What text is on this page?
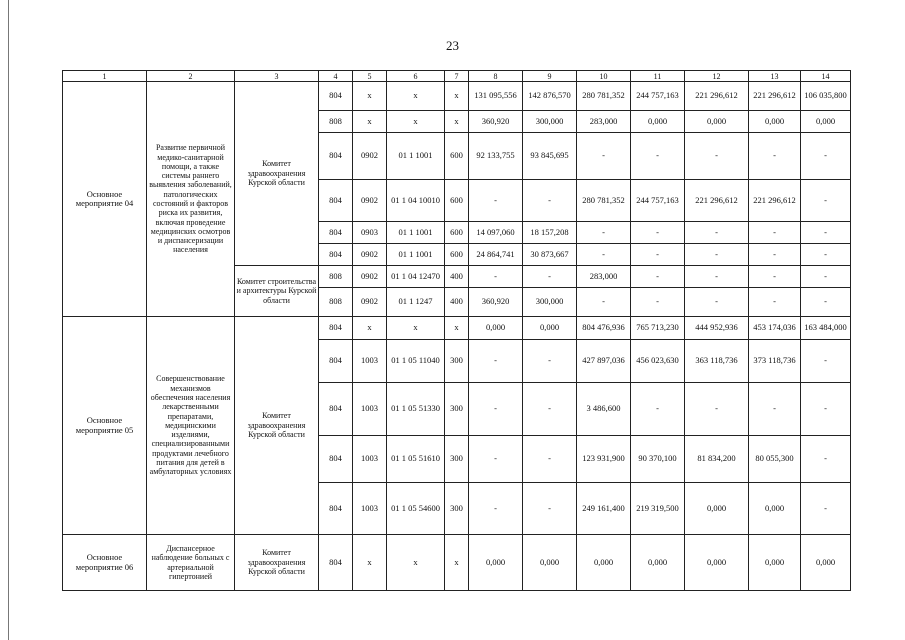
23
1	2	3	4	5	6	7	8	9	10	11	12	13	14
Основное мероприятие 04	Развитие первичной медико-санитарной помощи, а также системы раннего выявления заболеваний, патологических состояний и факторов риска их развития, включая проведение медицинских осмотров и диспансеризации населения	Комитет здравоохранения Курской области	804	x	x	x	131 095,556	142 876,570	280 781,352	244 757,163	221 296,612	221 296,612	106 035,800
			808	x	x	x	360,920	300,000	283,000	0,000	0,000	0,000	0,000
			804	0902	01 1 1001	600	92 133,755	93 845,695	-	-	-	-	-
			804	0902	01 1 04 10010	600	-	-	280 781,352	244 757,163	221 296,612	221 296,612	-
			804	0903	01 1 1001	600	14 097,060	18 157,208	-	-	-	-	-
			804	0902	01 1 1001	600	24 864,741	30 873,667	-	-	-	-	-
		Комитет строительства и архитектуры Курской области	808	0902	01 1 04 12470	400	-	-	283,000	-	-	-	-
			808	0902	01 1 1247	400	360,920	300,000	-	-	-	-	-
Основное мероприятие 05	Совершенствование механизмов обеспечения населения лекарственными препаратами, медицинскими изделиями, специализированными продуктами лечебного питания для детей в амбулаторных условиях	Комитет здравоохранения Курской области	804	x	x	x	0,000	0,000	804 476,936	765 713,230	444 952,936	453 174,036	163 484,000
			804	1003	01 1 05 11040	300	-	-	427 897,036	456 023,630	363 118,736	373 118,736	-
			804	1003	01 1 05 51330	300	-	-	3 486,600	-	-	-	-
			804	1003	01 1 05 51610	300	-	-	123 931,900	90 370,100	81 834,200	80 055,300	-
			804	1003	01 1 05 54600	300	-	-	249 161,400	219 319,500	0,000	0,000	-
Основное мероприятие 06	Диспансерное наблюдение больных с артериальной гипертонией	Комитет здравоохранения Курской области	804	x	x	x	0,000	0,000	0,000	0,000	0,000	0,000	0,000
